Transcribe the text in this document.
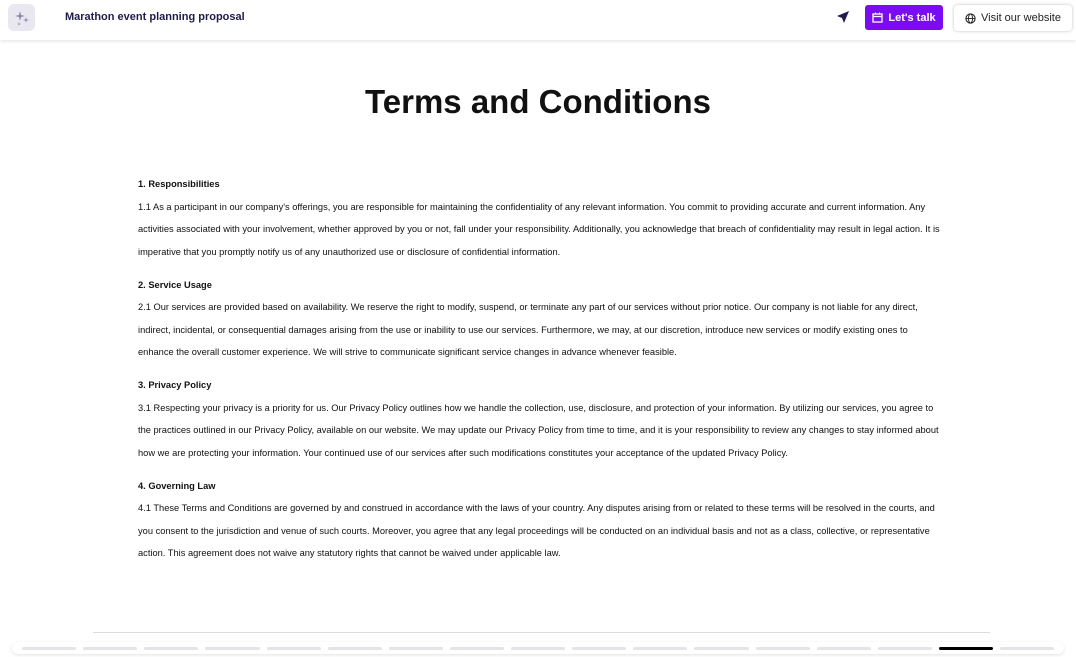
Marathon event planning proposal	Let's talk	Visit our website
Terms and Conditions
1. Responsibilities

1.1 As a participant in our company's offerings, you are responsible for maintaining the confidentiality of any relevant information. You commit to providing accurate and current information. Any activities associated with your involvement, whether approved by you or not, fall under your responsibility. Additionally, you acknowledge that breach of confidentiality may result in legal action. It is imperative that you promptly notify us of any unauthorized use or disclosure of confidential information.

2. Service Usage

2.1 Our services are provided based on availability. We reserve the right to modify, suspend, or terminate any part of our services without prior notice. Our company is not liable for any direct, indirect, incidental, or consequential damages arising from the use or inability to use our services. Furthermore, we may, at our discretion, introduce new services or modify existing ones to enhance the overall customer experience. We will strive to communicate significant service changes in advance whenever feasible.

3. Privacy Policy

3.1 Respecting your privacy is a priority for us. Our Privacy Policy outlines how we handle the collection, use, disclosure, and protection of your information. By utilizing our services, you agree to the practices outlined in our Privacy Policy, available on our website. We may update our Privacy Policy from time to time, and it is your responsibility to review any changes to stay informed about how we are protecting your information. Your continued use of our services after such modifications constitutes your acceptance of the updated Privacy Policy.

4. Governing Law

4.1 These Terms and Conditions are governed by and construed in accordance with the laws of your country. Any disputes arising from or related to these terms will be resolved in the courts, and you consent to the jurisdiction and venue of such courts. Moreover, you agree that any legal proceedings will be conducted on an individual basis and not as a class, collective, or representative action. This agreement does not waive any statutory rights that cannot be waived under applicable law.
